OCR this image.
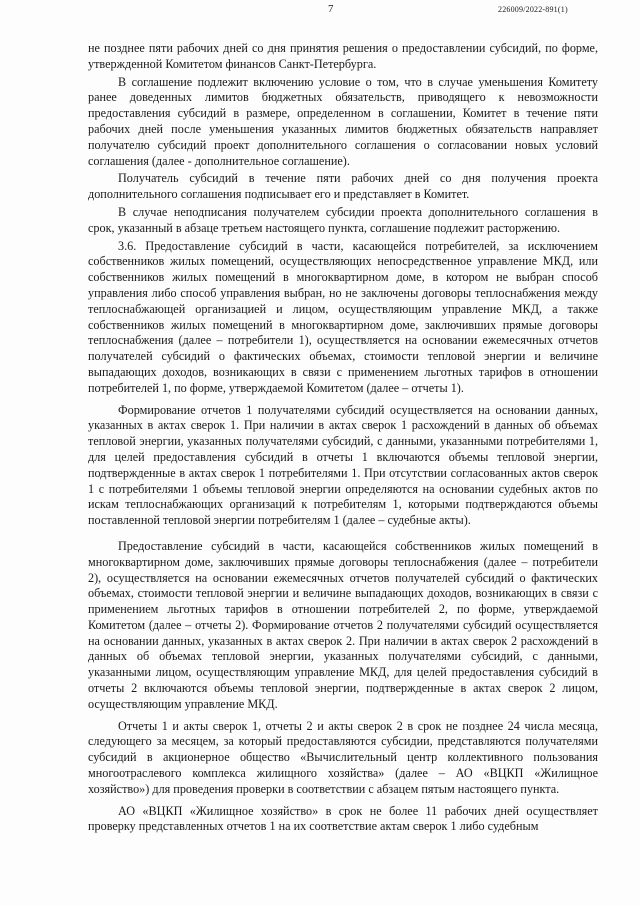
7	226009/2022-891(1)

не позднее пяти рабочих дней со дня принятия решения о предоставлении субсидий, по форме, утвержденной Комитетом финансов Санкт-Петербурга.

В соглашение подлежит включению условие о том, что в случае уменьшения Комитету ранее доведенных лимитов бюджетных обязательств, приводящего к невозможности предоставления субсидий в размере, определенном в соглашении, Комитет в течение пяти рабочих дней после уменьшения указанных лимитов бюджетных обязательств направляет получателю субсидий проект дополнительного соглашения о согласовании новых условий соглашения (далее - дополнительное соглашение).

Получатель субсидий в течение пяти рабочих дней со дня получения проекта дополнительного соглашения подписывает его и представляет в Комитет.

В случае неподписания получателем субсидии проекта дополнительного соглашения в срок, указанный в абзаце третьем настоящего пункта, соглашение подлежит расторжению.

3.6. Предоставление субсидий в части, касающейся потребителей, за исключением собственников жилых помещений, осуществляющих непосредственное управление МКД, или собственников жилых помещений в многоквартирном доме, в котором не выбран способ управления либо способ управления выбран, но не заключены договоры теплоснабжения между теплоснабжающей организацией и лицом, осуществляющим управление МКД, а также собственников жилых помещений в многоквартирном доме, заключивших прямые договоры теплоснабжения (далее – потребители 1), осуществляется на основании ежемесячных отчетов получателей субсидий о фактических объемах, стоимости тепловой энергии и величине выпадающих доходов, возникающих в связи с применением льготных тарифов в отношении потребителей 1, по форме, утверждаемой Комитетом (далее – отчеты 1).

Формирование отчетов 1 получателями субсидий осуществляется на основании данных, указанных в актах сверок 1. При наличии в актах сверок 1 расхождений в данных об объемах тепловой энергии, указанных получателями субсидий, с данными, указанными потребителями 1, для целей предоставления субсидий в отчеты 1 включаются объемы тепловой энергии, подтвержденные в актах сверок 1 потребителями 1. При отсутствии согласованных актов сверок 1 с потребителями 1 объемы тепловой энергии определяются на основании судебных актов по искам теплоснабжающих организаций к потребителям 1, которыми подтверждаются объемы поставленной тепловой энергии потребителям 1 (далее – судебные акты).

Предоставление субсидий в части, касающейся собственников жилых помещений в многоквартирном доме, заключивших прямые договоры теплоснабжения (далее – потребители 2), осуществляется на основании ежемесячных отчетов получателей субсидий о фактических объемах, стоимости тепловой энергии и величине выпадающих доходов, возникающих в связи с применением льготных тарифов в отношении потребителей 2, по форме, утверждаемой Комитетом (далее – отчеты 2). Формирование отчетов 2 получателями субсидий осуществляется на основании данных, указанных в актах сверок 2. При наличии в актах сверок 2 расхождений в данных об объемах тепловой энергии, указанных получателями субсидий, с данными, указанными лицом, осуществляющим управление МКД, для целей предоставления субсидий в отчеты 2 включаются объемы тепловой энергии, подтвержденные в актах сверок 2 лицом, осуществляющим управление МКД.

Отчеты 1 и акты сверок 1, отчеты 2 и акты сверок 2 в срок не позднее 24 числа месяца, следующего за месяцем, за который предоставляются субсидии, представляются получателями субсидий в акционерное общество «Вычислительный центр коллективного пользования многоотраслевого комплекса жилищного хозяйства» (далее – АО «ВЦКП «Жилищное хозяйство») для проведения проверки в соответствии с абзацем пятым настоящего пункта.

АО «ВЦКП «Жилищное хозяйство» в срок не более 11 рабочих дней осуществляет проверку представленных отчетов 1 на их соответствие актам сверок 1 либо судебным
